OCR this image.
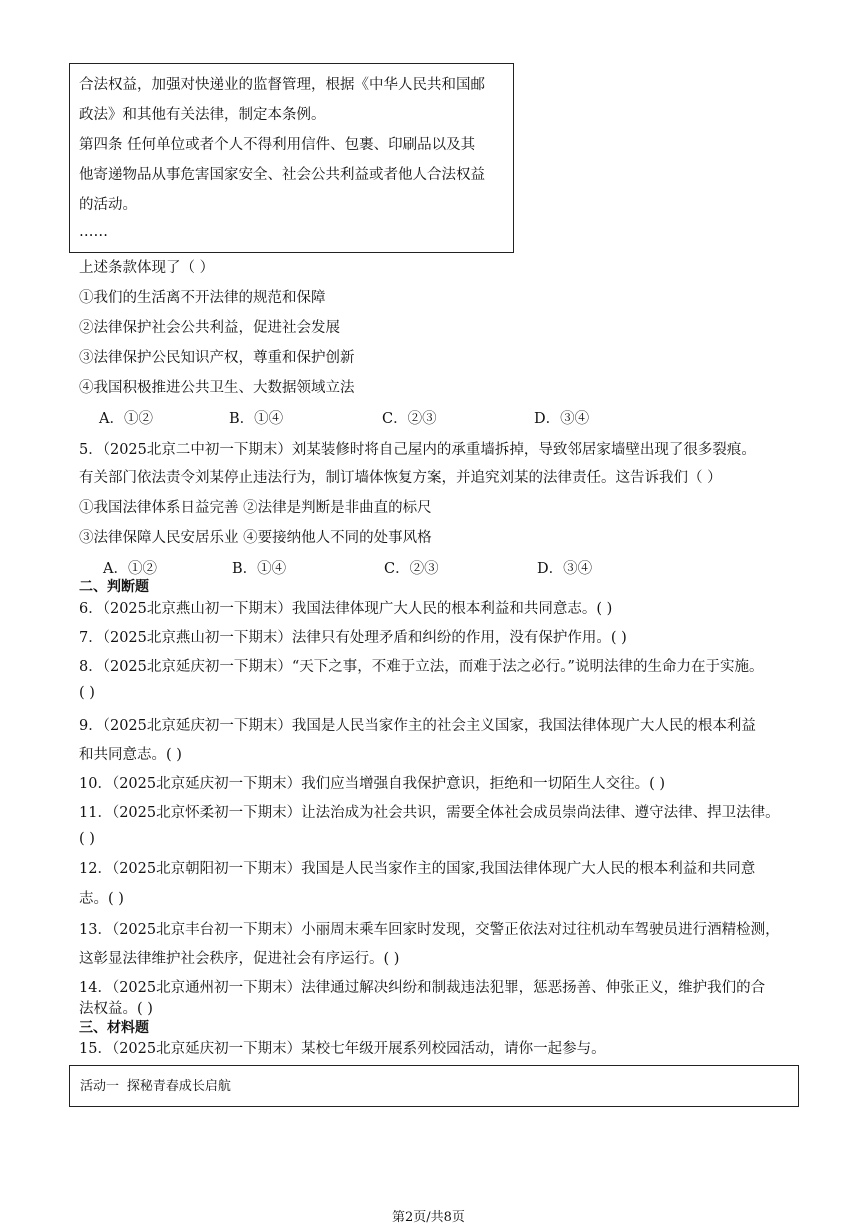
合法权益，加强对快递业的监督管理，根据《中华人民共和国邮
政法》和其他有关法律，制定本条例。
第四条 任何单位或者个人不得利用信件、包裹、印刷品以及其
他寄递物品从事危害国家安全、社会公共利益或者他人合法权益
的活动。
……
上述条款体现了（ ）
①我们的生活离不开法律的规范和保障
②法律保护社会公共利益，促进社会发展
③法律保护公民知识产权，尊重和保护创新
④我国积极推进公共卫生、大数据领域立法
A．①②	B．①④	C．②③	D．③④
5．（2025北京二中初一下期末）刘某装修时将自己屋内的承重墙拆掉，导致邻居家墙壁出现了很多裂痕。
有关部门依法责令刘某停止违法行为，制订墙体恢复方案，并追究刘某的法律责任。这告诉我们（ ）
①我国法律体系日益完善 ②法律是判断是非曲直的标尺
③法律保障人民安居乐业 ④要接纳他人不同的处事风格
A．①②	B．①④	C．②③	D．③④
二、判断题
6．（2025北京燕山初一下期末）我国法律体现广大人民的根本利益和共同意志。( )
7．（2025北京燕山初一下期末）法律只有处理矛盾和纠纷的作用，没有保护作用。( )
8．（2025北京延庆初一下期末）“天下之事，不难于立法，而难于法之必行。”说明法律的生命力在于实施。
( )
9．（2025北京延庆初一下期末）我国是人民当家作主的社会主义国家，我国法律体现广大人民的根本利益
和共同意志。( )
10．（2025北京延庆初一下期末）我们应当增强自我保护意识，拒绝和一切陌生人交往。( )
11．（2025北京怀柔初一下期末）让法治成为社会共识，需要全体社会成员崇尚法律、遵守法律、捍卫法律。
( )
12．（2025北京朝阳初一下期末）我国是人民当家作主的国家,我国法律体现广大人民的根本利益和共同意
志。( )
13．（2025北京丰台初一下期末）小丽周末乘车回家时发现，交警正依法对过往机动车驾驶员进行酒精检测，
这彰显法律维护社会秩序，促进社会有序运行。( )
14．（2025北京通州初一下期末）法律通过解决纠纷和制裁违法犯罪，惩恶扬善、伸张正义，维护我们的合
法权益。( )
三、材料题
15．（2025北京延庆初一下期末）某校七年级开展系列校园活动，请你一起参与。
活动一 探秘青春成长启航
第2页/共8页
